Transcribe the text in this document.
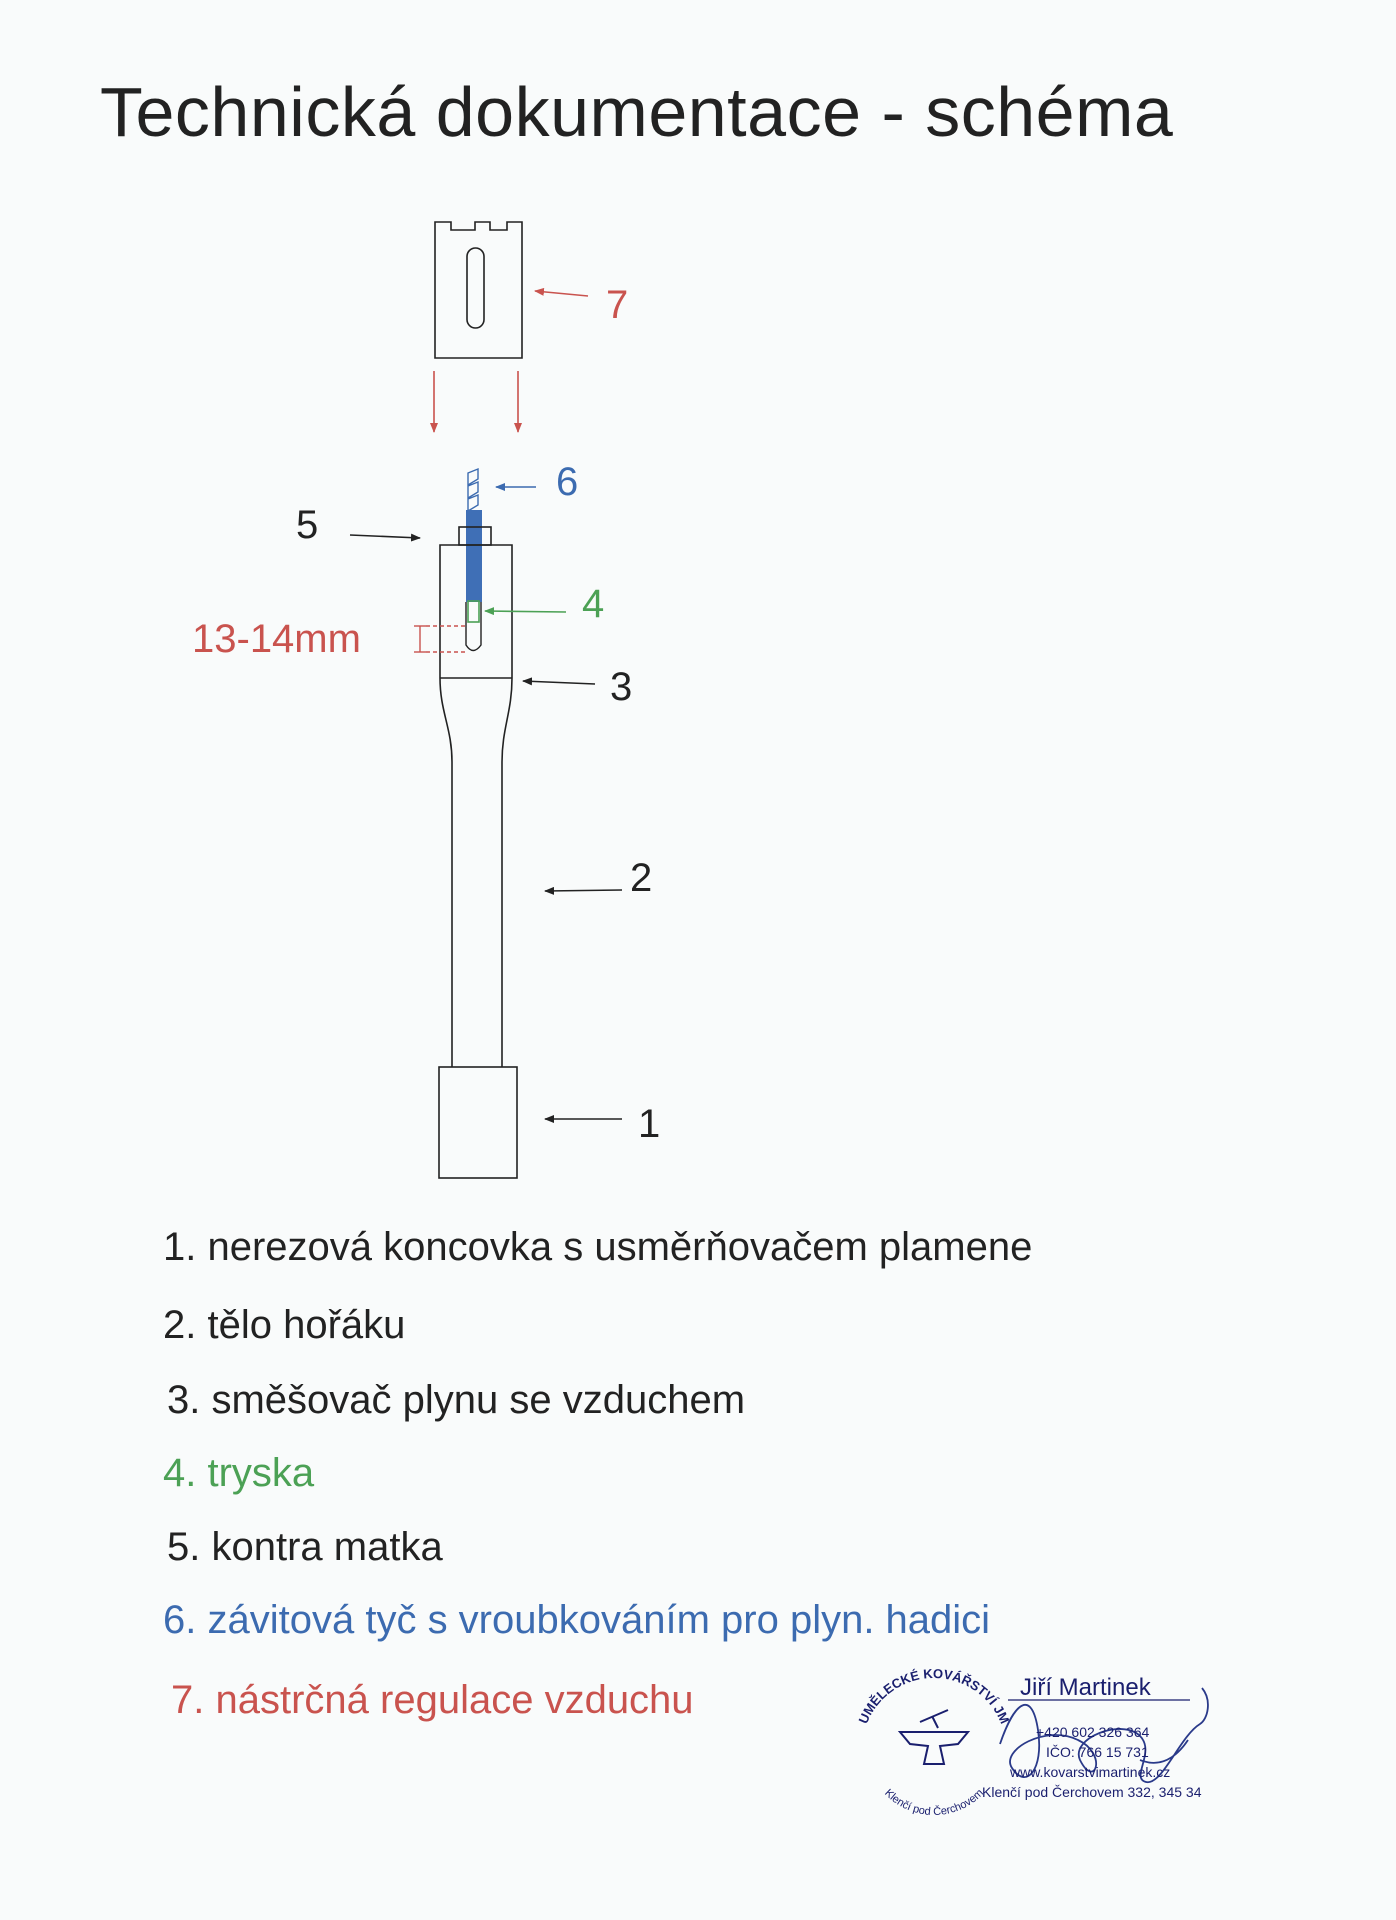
Technická dokumentace - schéma
7
6
5
4
3
2
1
13-14mm
1. nerezová koncovka s usměrňovačem plamene
2. tělo hořáku
3. směšovač plynu se vzduchem
4. tryska
5. kontra matka
6. závitová tyč s vroubkováním pro plyn. hadici
7. nástrčná regulace vzduchu	UMĚLECKÉ KOVÁŘSTVÍ JM
Klenčí pod Čerchovem
Jiří Martinek
+420 602 326 364
IČO: 766 15 731
www.kovarstvimartinek.cz
Klenčí pod Čerchovem 332, 345 34
